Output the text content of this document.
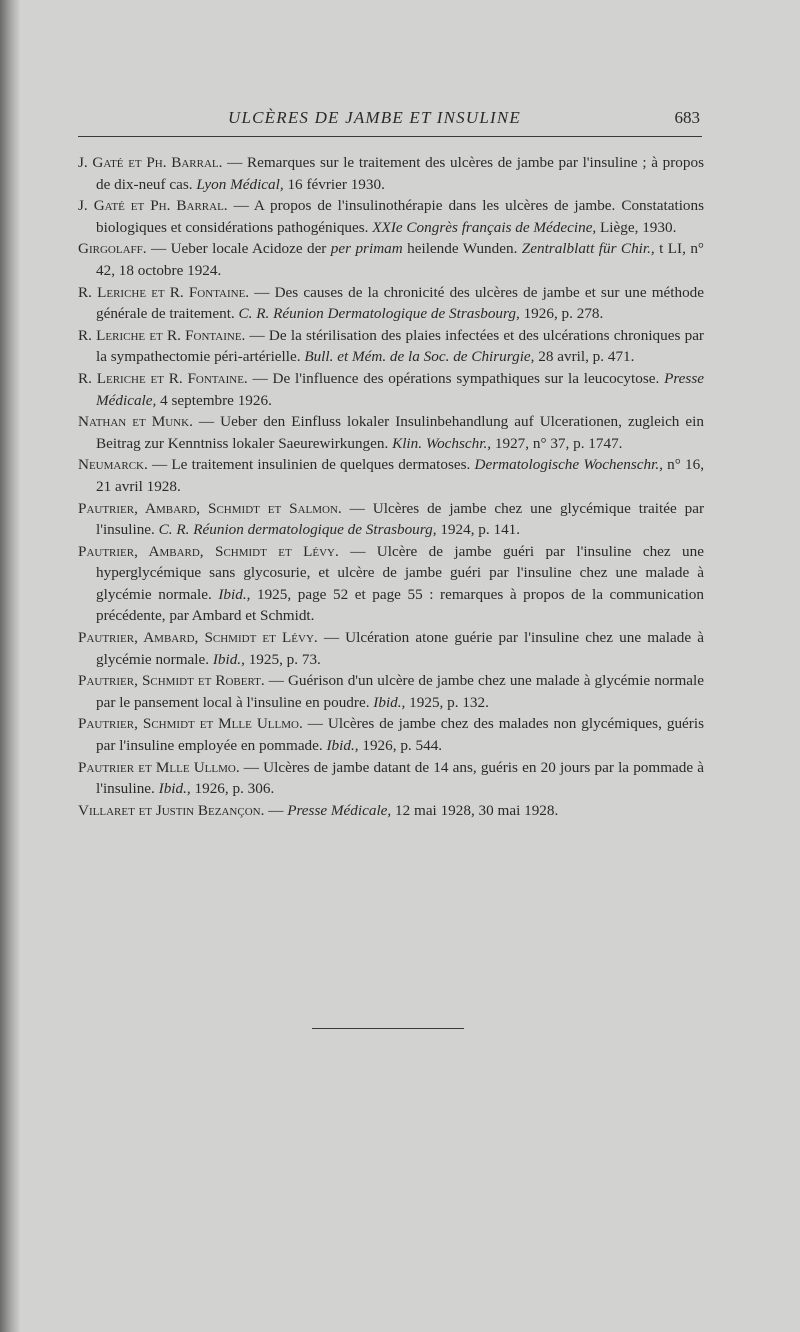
ULCÈRES DE JAMBE ET INSULINE	683
J. Gaté et Ph. Barral. — Remarques sur le traitement des ulcères de jambe par l'insuline ; à propos de dix-neuf cas. Lyon Médical, 16 février 1930.
J. Gaté et Ph. Barral. — A propos de l'insulinothérapie dans les ulcères de jambe. Constatations biologiques et considérations pathogéniques. XXIe Congrès français de Médecine, Liège, 1930.
Girgolaff. — Ueber locale Acidoze der per primam heilende Wunden. Zentralblatt für Chir., t LI, n° 42, 18 octobre 1924.
R. Leriche et R. Fontaine. — Des causes de la chronicité des ulcères de jambe et sur une méthode générale de traitement. C. R. Réunion Dermatologique de Strasbourg, 1926, p. 278.
R. Leriche et R. Fontaine. — De la stérilisation des plaies infectées et des ulcérations chroniques par la sympathectomie péri-artérielle. Bull. et Mém. de la Soc. de Chirurgie, 28 avril, p. 471.
R. Leriche et R. Fontaine. — De l'influence des opérations sympathiques sur la leucocytose. Presse Médicale, 4 septembre 1926.
Nathan et Munk. — Ueber den Einfluss lokaler Insulinbehandlung auf Ulcerationen, zugleich ein Beitrag zur Kenntniss lokaler Saeurewirkungen. Klin. Wochschr., 1927, n° 37, p. 1747.
Neumarck. — Le traitement insulinien de quelques dermatoses. Dermatologische Wochenschr., n° 16, 21 avril 1928.
Pautrier, Ambard, Schmidt et Salmon. — Ulcères de jambe chez une glycémique traitée par l'insuline. C. R. Réunion dermatologique de Strasbourg, 1924, p. 141.
Pautrier, Ambard, Schmidt et Lévy. — Ulcère de jambe guéri par l'insuline chez une hyperglycémique sans glycosurie, et ulcère de jambe guéri par l'insuline chez une malade à glycémie normale. Ibid., 1925, page 52 et page 55 : remarques à propos de la communication précédente, par Ambard et Schmidt.
Pautrier, Ambard, Schmidt et Lévy. — Ulcération atone guérie par l'insuline chez une malade à glycémie normale. Ibid., 1925, p. 73.
Pautrier, Schmidt et Robert. — Guérison d'un ulcère de jambe chez une malade à glycémie normale par le pansement local à l'insuline en poudre. Ibid., 1925, p. 132.
Pautrier, Schmidt et Mlle Ullmo. — Ulcères de jambe chez des malades non glycémiques, guéris par l'insuline employée en pommade. Ibid., 1926, p. 544.
Pautrier et Mlle Ullmo. — Ulcères de jambe datant de 14 ans, guéris en 20 jours par la pommade à l'insuline. Ibid., 1926, p. 306.
Villaret et Justin Bezançon. — Presse Médicale, 12 mai 1928, 30 mai 1928.
